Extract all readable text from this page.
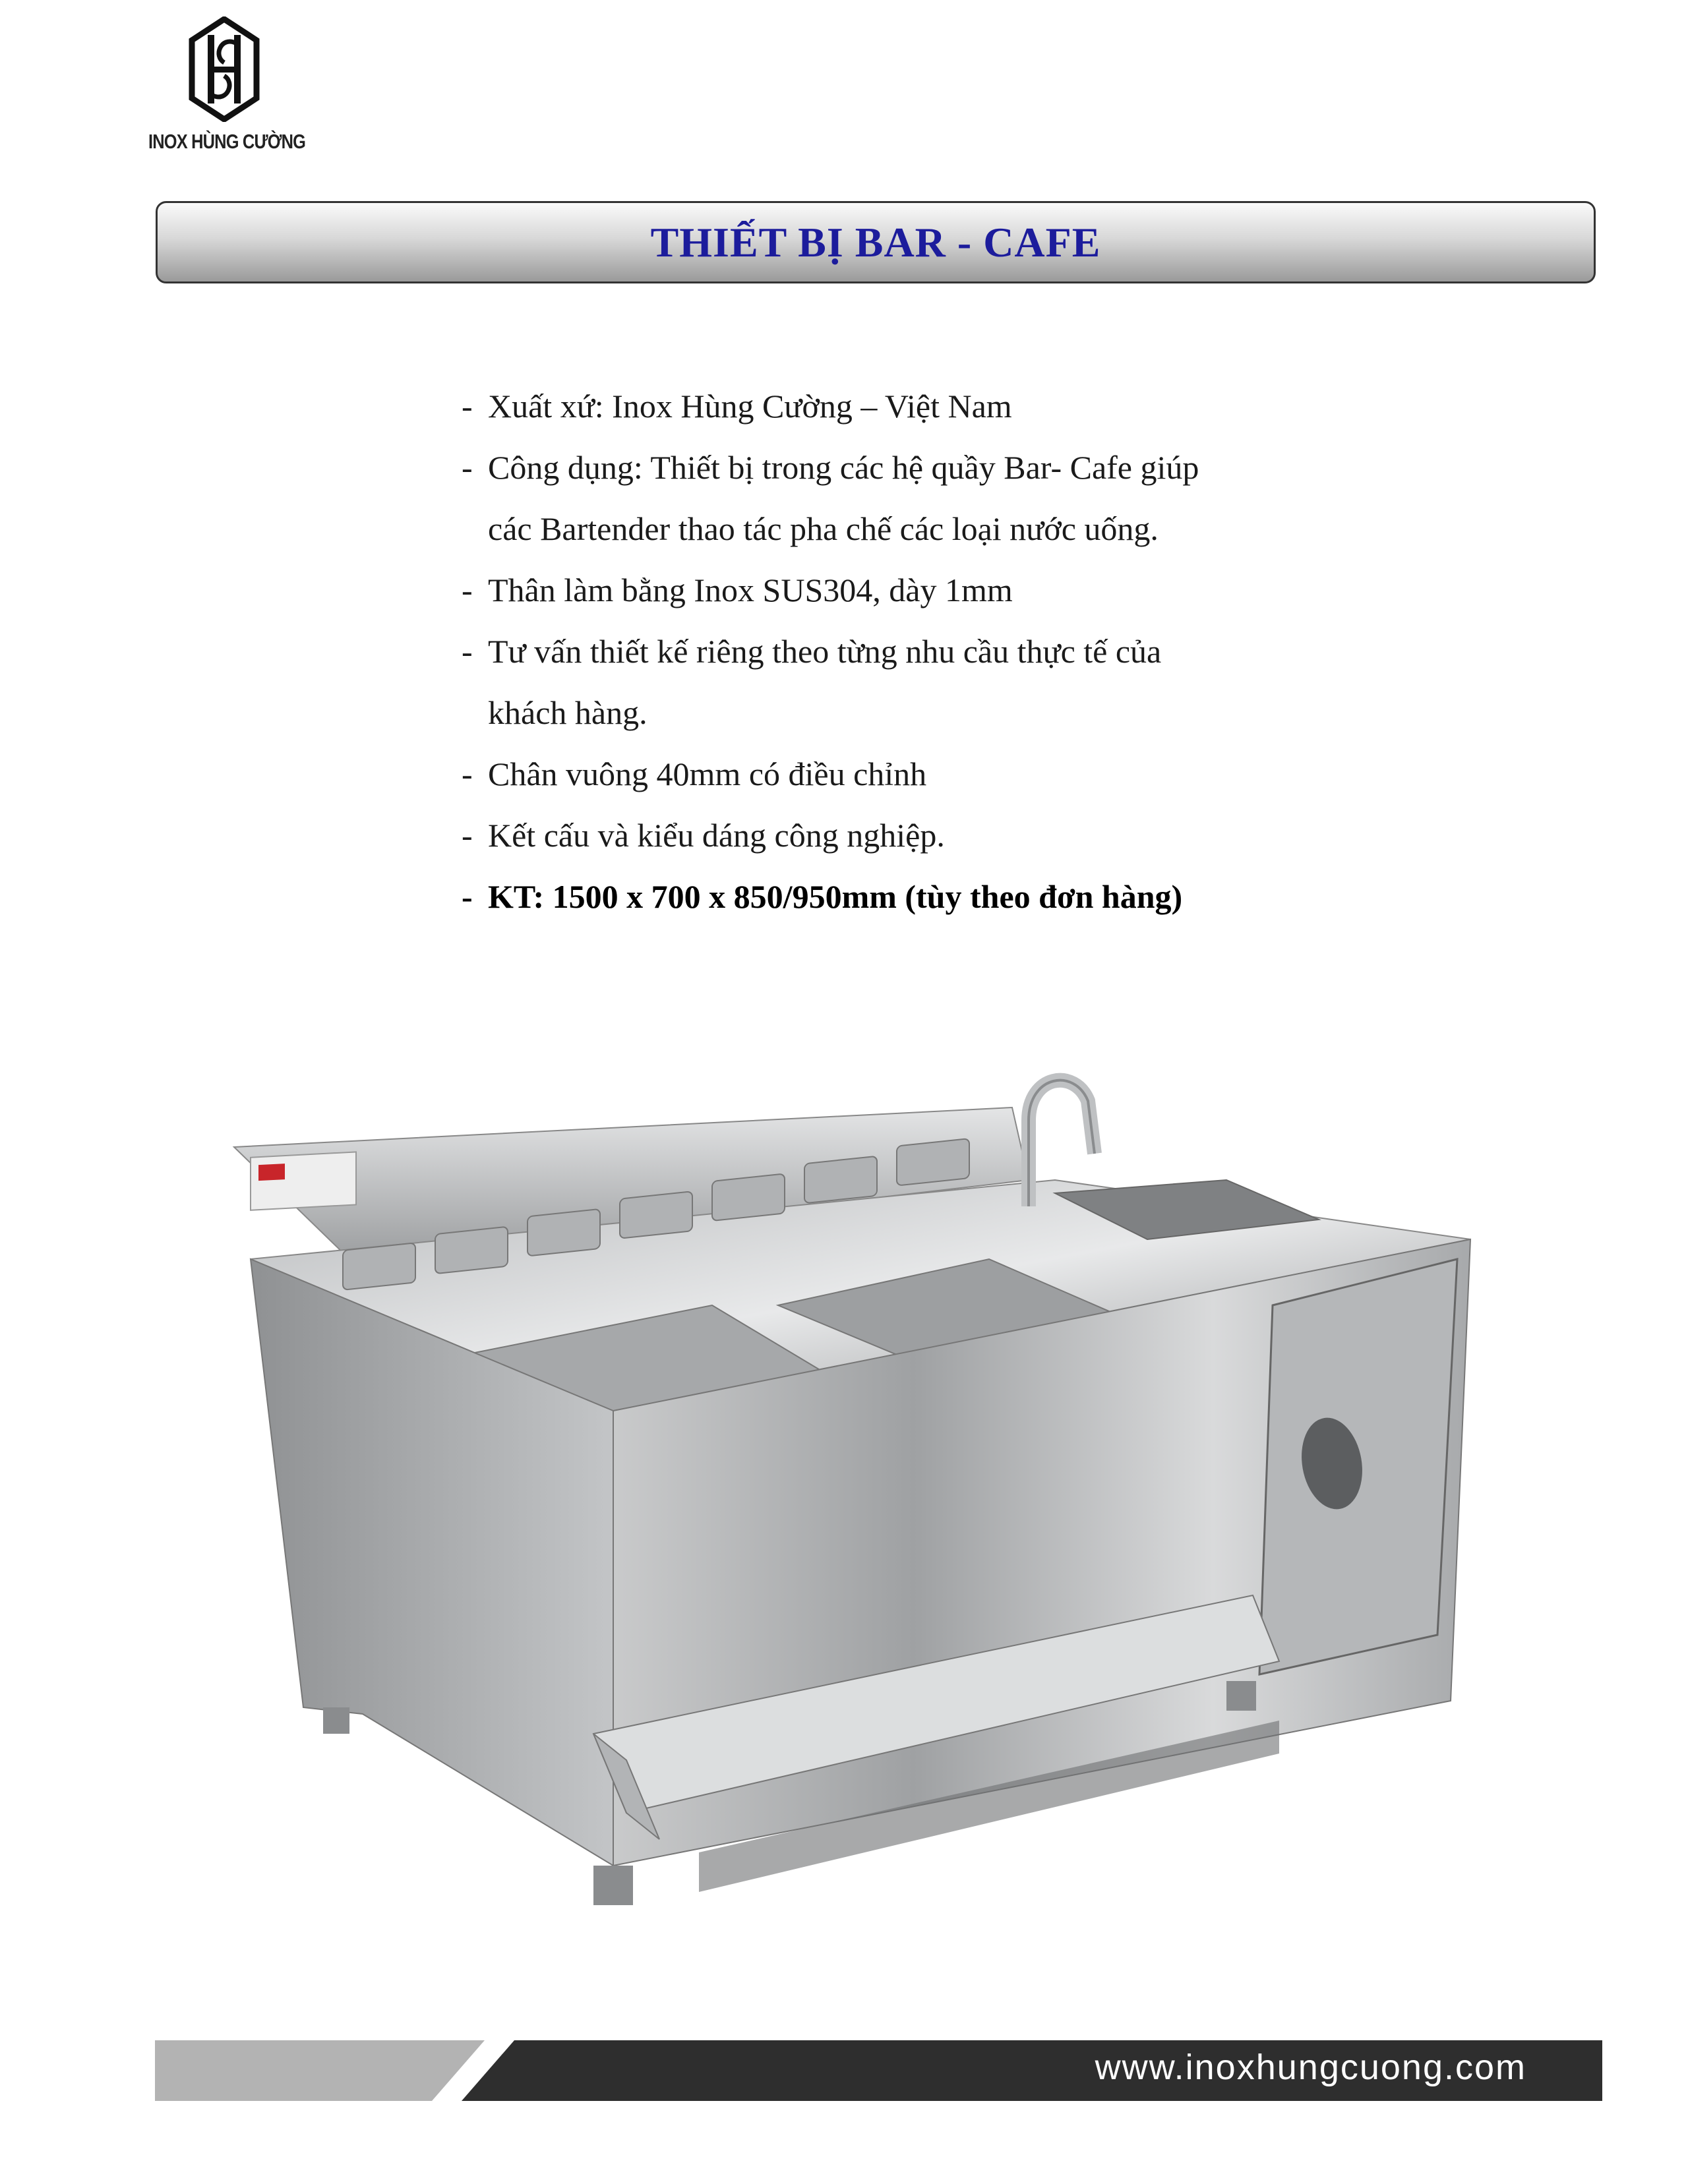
INOX HÙNG CƯỜNG
THIẾT BỊ BAR - CAFE
- Xuất xứ: Inox Hùng Cường – Việt Nam
- Công dụng: Thiết bị trong các hệ quầy Bar- Cafe giúp
các Bartender thao tác pha chế các loại nước uống.
- Thân làm bằng Inox SUS304, dày 1mm
- Tư vấn thiết kế riêng theo từng nhu cầu thực tế của
khách hàng.
- Chân vuông 40mm có điều chỉnh
- Kết cấu và kiểu dáng công nghiệp.
- KT: 1500 x 700 x 850/950mm (tùy theo đơn hàng)
www.inoxhungcuong.com
